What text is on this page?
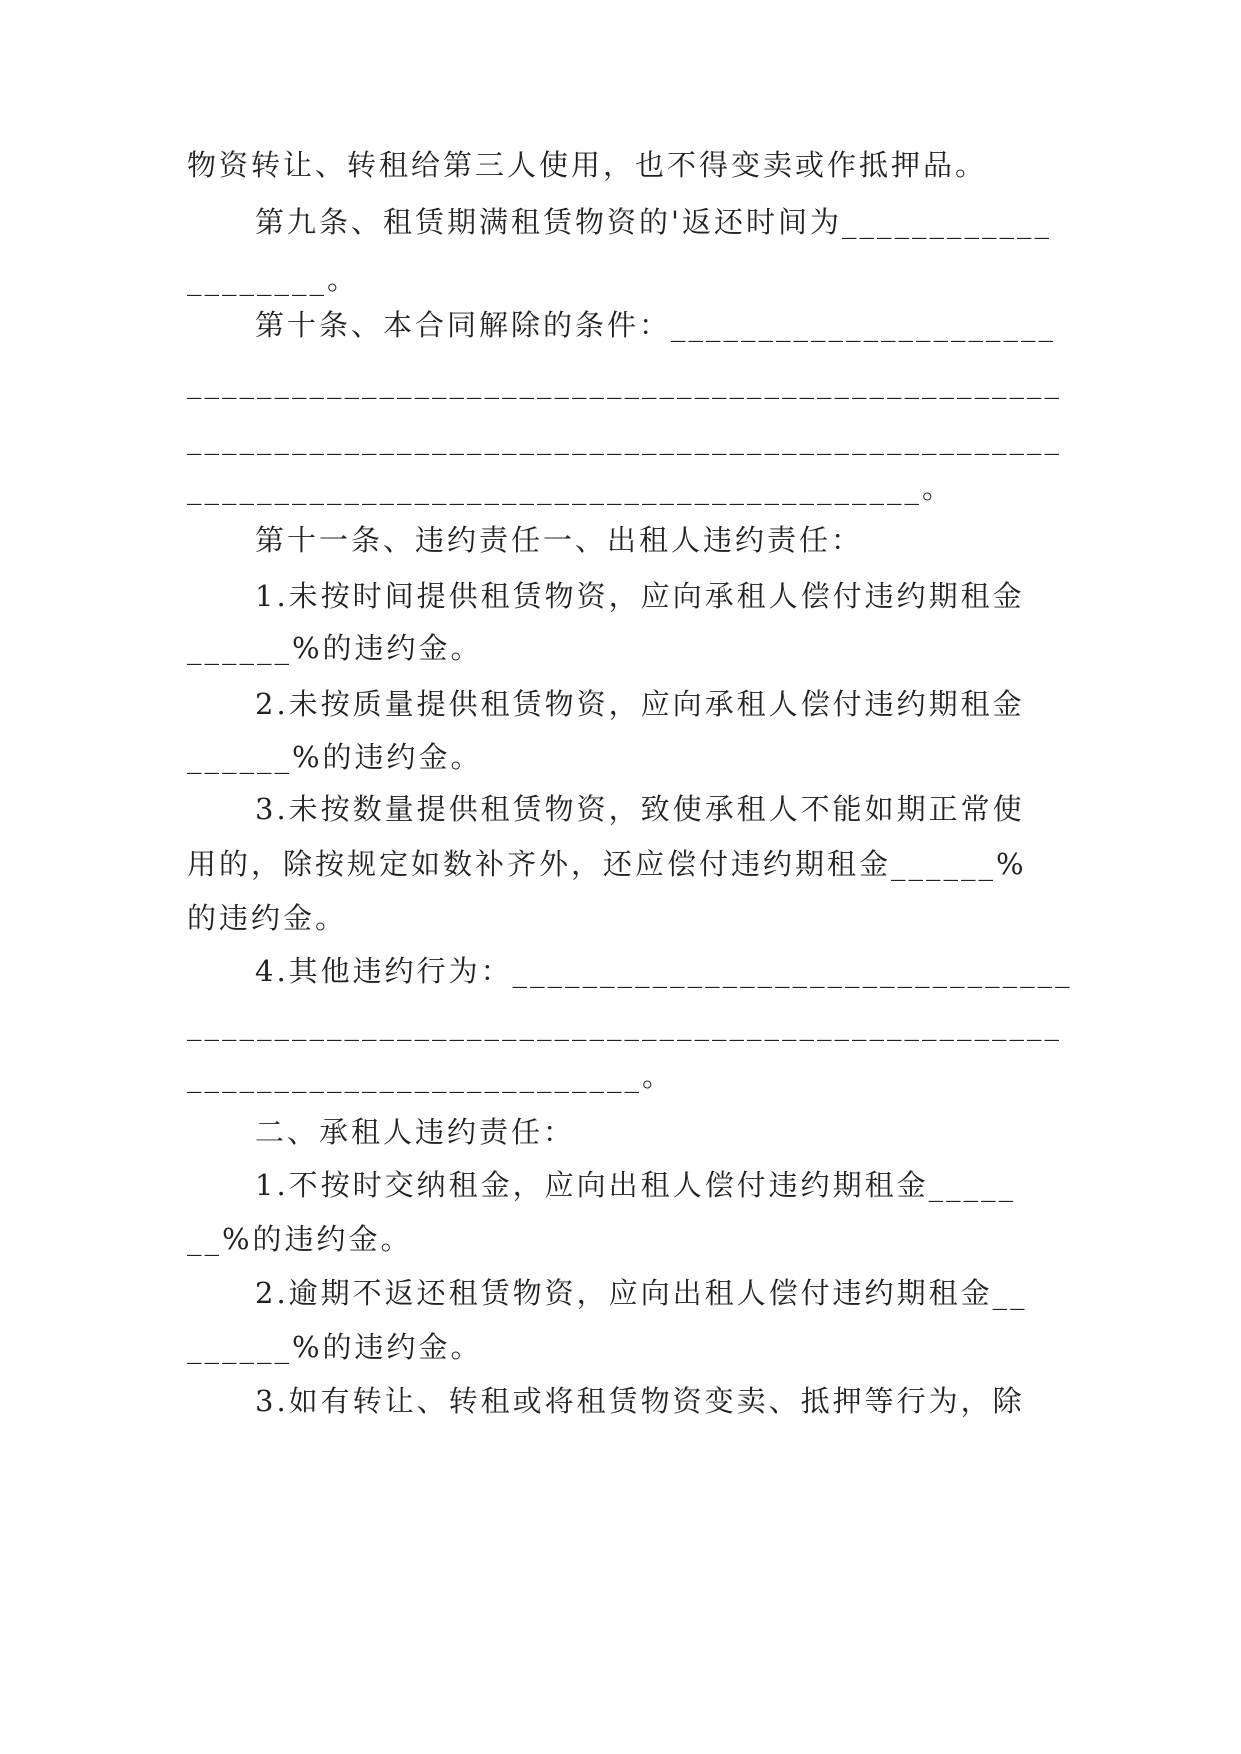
物资转让、转租给第三人使用，也不得变卖或作抵押品。

第九条、租赁期满租赁物资的'返还时间为____________

________。

第十条、本合同解除的条件：______________________

__________________________________________________

__________________________________________________

__________________________________________。

第十一条、违约责任一、出租人违约责任：

1.未按时间提供租赁物资，应向承租人偿付违约期租金

______%的违约金。

2.未按质量提供租赁物资，应向承租人偿付违约期租金

______%的违约金。

3.未按数量提供租赁物资，致使承租人不能如期正常使

用的，除按规定如数补齐外，还应偿付违约期租金______%

的违约金。

4.其他违约行为：________________________________

__________________________________________________

__________________________。

二、承租人违约责任：

1.不按时交纳租金，应向出租人偿付违约期租金_____

__%的违约金。

2.逾期不返还租赁物资，应向出租人偿付违约期租金__

______%的违约金。

3.如有转让、转租或将租赁物资变卖、抵押等行为，除
